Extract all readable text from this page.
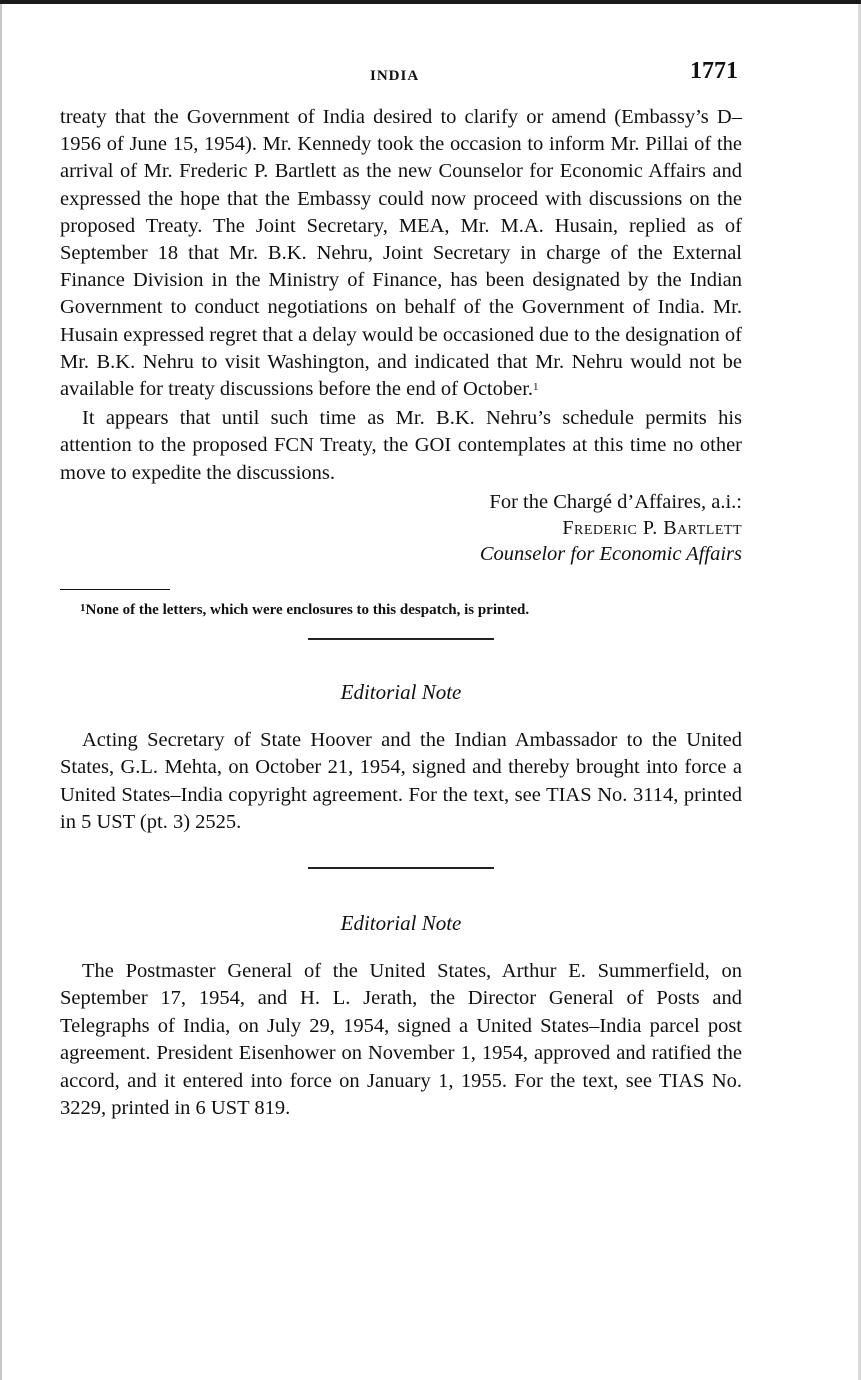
INDIA	1771

treaty that the Government of India desired to clarify or amend (Embassy’s D–1956 of June 15, 1954). Mr. Kennedy took the occasion to inform Mr. Pillai of the arrival of Mr. Frederic P. Bartlett as the new Counselor for Economic Affairs and expressed the hope that the Embassy could now proceed with discussions on the proposed Treaty. The Joint Secretary, MEA, Mr. M.A. Husain, replied as of September 18 that Mr. B.K. Nehru, Joint Secretary in charge of the External Finance Division in the Ministry of Finance, has been designated by the Indian Government to conduct negotiations on behalf of the Government of India. Mr. Husain expressed regret that a delay would be occasioned due to the designation of Mr. B.K. Nehru to visit Washington, and indicated that Mr. Nehru would not be available for treaty discussions before the end of October.$^1$

It appears that until such time as Mr. B.K. Nehru’s schedule permits his attention to the proposed FCN Treaty, the GOI contemplates at this time no other move to expedite the discussions.

For the Chargé d’Affaires, a.i.:
Frederic P. Bartlett
Counselor for Economic Affairs
$^1$None of the letters, which were enclosures to this despatch, is printed.

Editorial Note

Acting Secretary of State Hoover and the Indian Ambassador to the United States, G.L. Mehta, on October 21, 1954, signed and thereby brought into force a United States–India copyright agreement. For the text, see TIAS No. 3114, printed in 5 UST (pt. 3) 2525.

Editorial Note

The Postmaster General of the United States, Arthur E. Summerfield, on September 17, 1954, and H. L. Jerath, the Director General of Posts and Telegraphs of India, on July 29, 1954, signed a United States–India parcel post agreement. President Eisenhower on November 1, 1954, approved and ratified the accord, and it entered into force on January 1, 1955. For the text, see TIAS No. 3229, printed in 6 UST 819.
